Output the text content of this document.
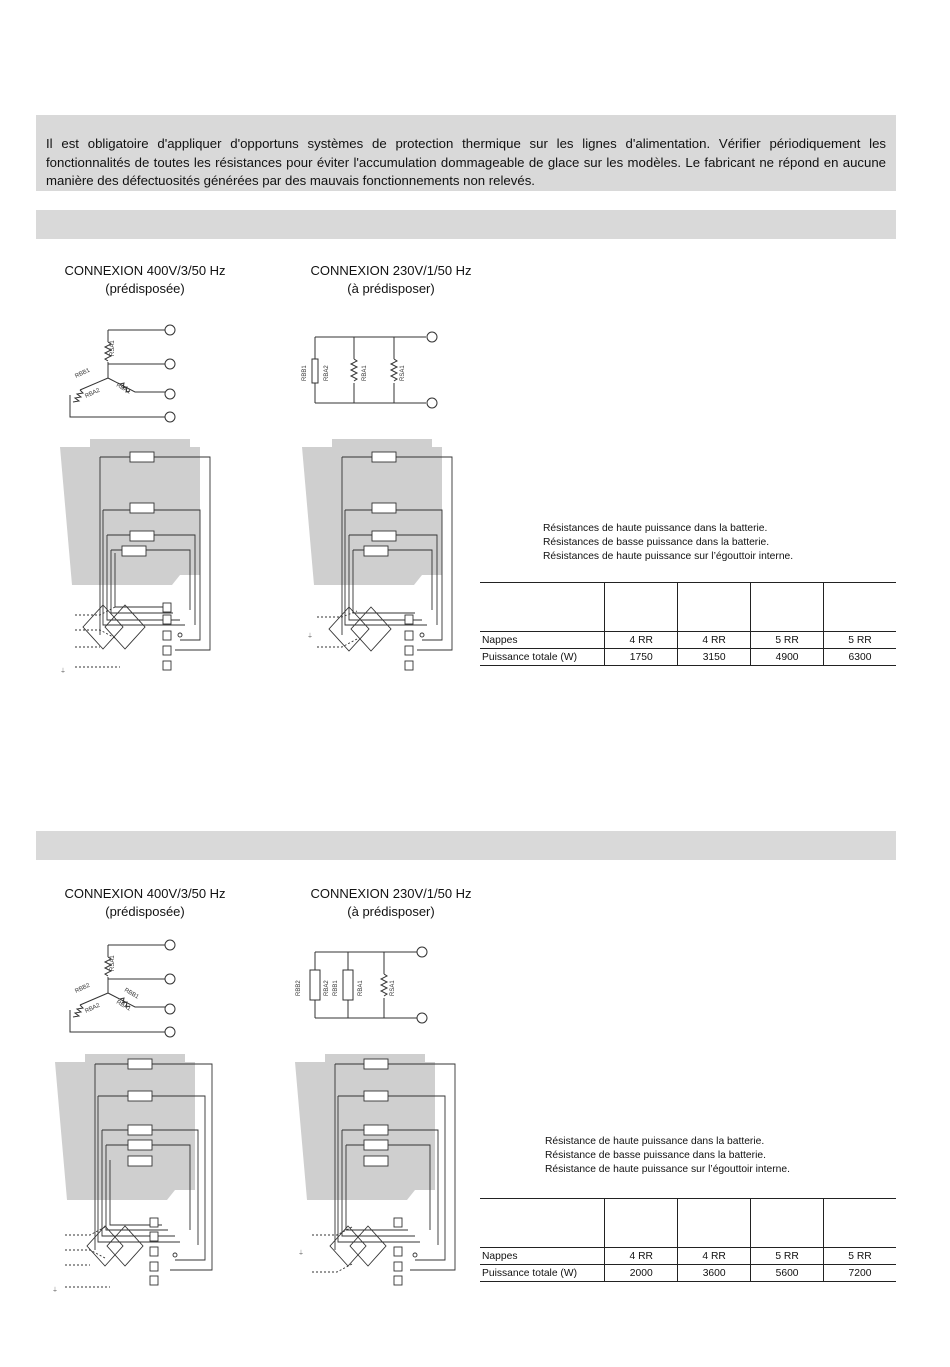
Il est obligatoire d'appliquer d'opportuns systèmes de protection thermique sur les lignes d'alimentation. Vérifier périodiquement les fonctionnalités de toutes les résistances pour éviter l'accumulation dommageable de glace sur les modèles. Le fabricant ne répond en aucune manière des défectuosités générées par des mauvais fonctionnements non relevés.
CONNEXION 400V/3/50 Hz
(prédisposée)
CONNEXION 230V/1/50 Hz
(à prédisposer)
RSA1
RBB1
RBA2 RBA1
RBB1	RBA2	RBA1	RSA1
⏚
⏚
Résistances de haute puissance dans la batterie.
Résistances de basse puissance dans la batterie.
Résistances de haute puissance sur l’égouttoir interne.

Nappes	4 RR	4 RR	5 RR	5 RR
Puissance totale (W)	1750	3150	4900	6300
CONNEXION 400V/3/50 Hz
(prédisposée)
CONNEXION 230V/1/50 Hz
(à prédisposer)
RSA1
RBB2
RBA2
RBB1
RBA1
RBB2	RBA2 RBB1	RBA1	RSA1
⏚
⏚
Résistance de haute puissance dans la batterie.
Résistance de basse puissance dans la batterie.
Résistance de haute puissance sur l’égouttoir interne.

Nappes	4 RR	4 RR	5 RR	5 RR
Puissance totale (W)	2000	3600	5600	7200
